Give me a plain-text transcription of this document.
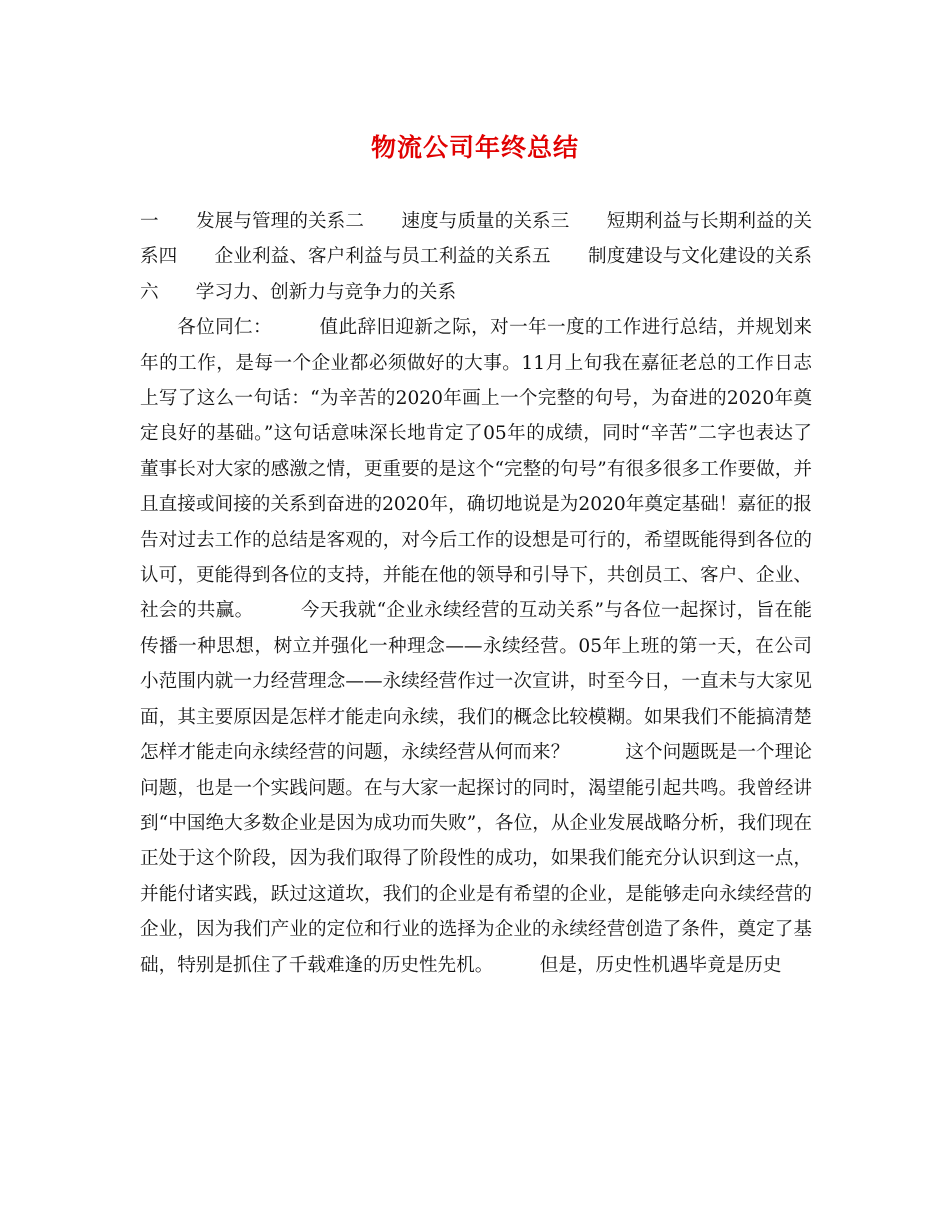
物流公司年终总结

一　　发展与管理的关系二　　速度与质量的关系三　　短期利益与长期利益的关系四　　企业利益、客户利益与员工利益的关系五　　制度建设与文化建设的关系六　　学习力、创新力与竞争力的关系

各位同仁：　　　值此辞旧迎新之际，对一年一度的工作进行总结，并规划来年的工作，是每一个企业都必须做好的大事。11月上旬我在嘉征老总的工作日志上写了这么一句话：“为辛苦的2020年画上一个完整的句号，为奋进的2020年奠定良好的基础。”这句话意味深长地肯定了05年的成绩，同时“辛苦”二字也表达了董事长对大家的感激之情，更重要的是这个“完整的句号”有很多很多工作要做，并且直接或间接的关系到奋进的2020年，确切地说是为2020年奠定基础！嘉征的报告对过去工作的总结是客观的，对今后工作的设想是可行的，希望既能得到各位的认可，更能得到各位的支持，并能在他的领导和引导下，共创员工、客户、企业、社会的共赢。　　　今天我就“企业永续经营的互动关系”与各位一起探讨，旨在能传播一种思想，树立并强化一种理念——永续经营。05年上班的第一天，在公司小范围内就一力经营理念——永续经营作过一次宣讲，时至今日，一直未与大家见面，其主要原因是怎样才能走向永续，我们的概念比较模糊。如果我们不能搞清楚怎样才能走向永续经营的问题，永续经营从何而来？　　　这个问题既是一个理论问题，也是一个实践问题。在与大家一起探讨的同时，渴望能引起共鸣。我曾经讲到“中国绝大多数企业是因为成功而失败”，各位，从企业发展战略分析，我们现在正处于这个阶段，因为我们取得了阶段性的成功，如果我们能充分认识到这一点，并能付诸实践，跃过这道坎，我们的企业是有希望的企业，是能够走向永续经营的企业，因为我们产业的定位和行业的选择为企业的永续经营创造了条件，奠定了基础，特别是抓住了千载难逢的历史性先机。　　　但是，历史性机遇毕竟是历史
